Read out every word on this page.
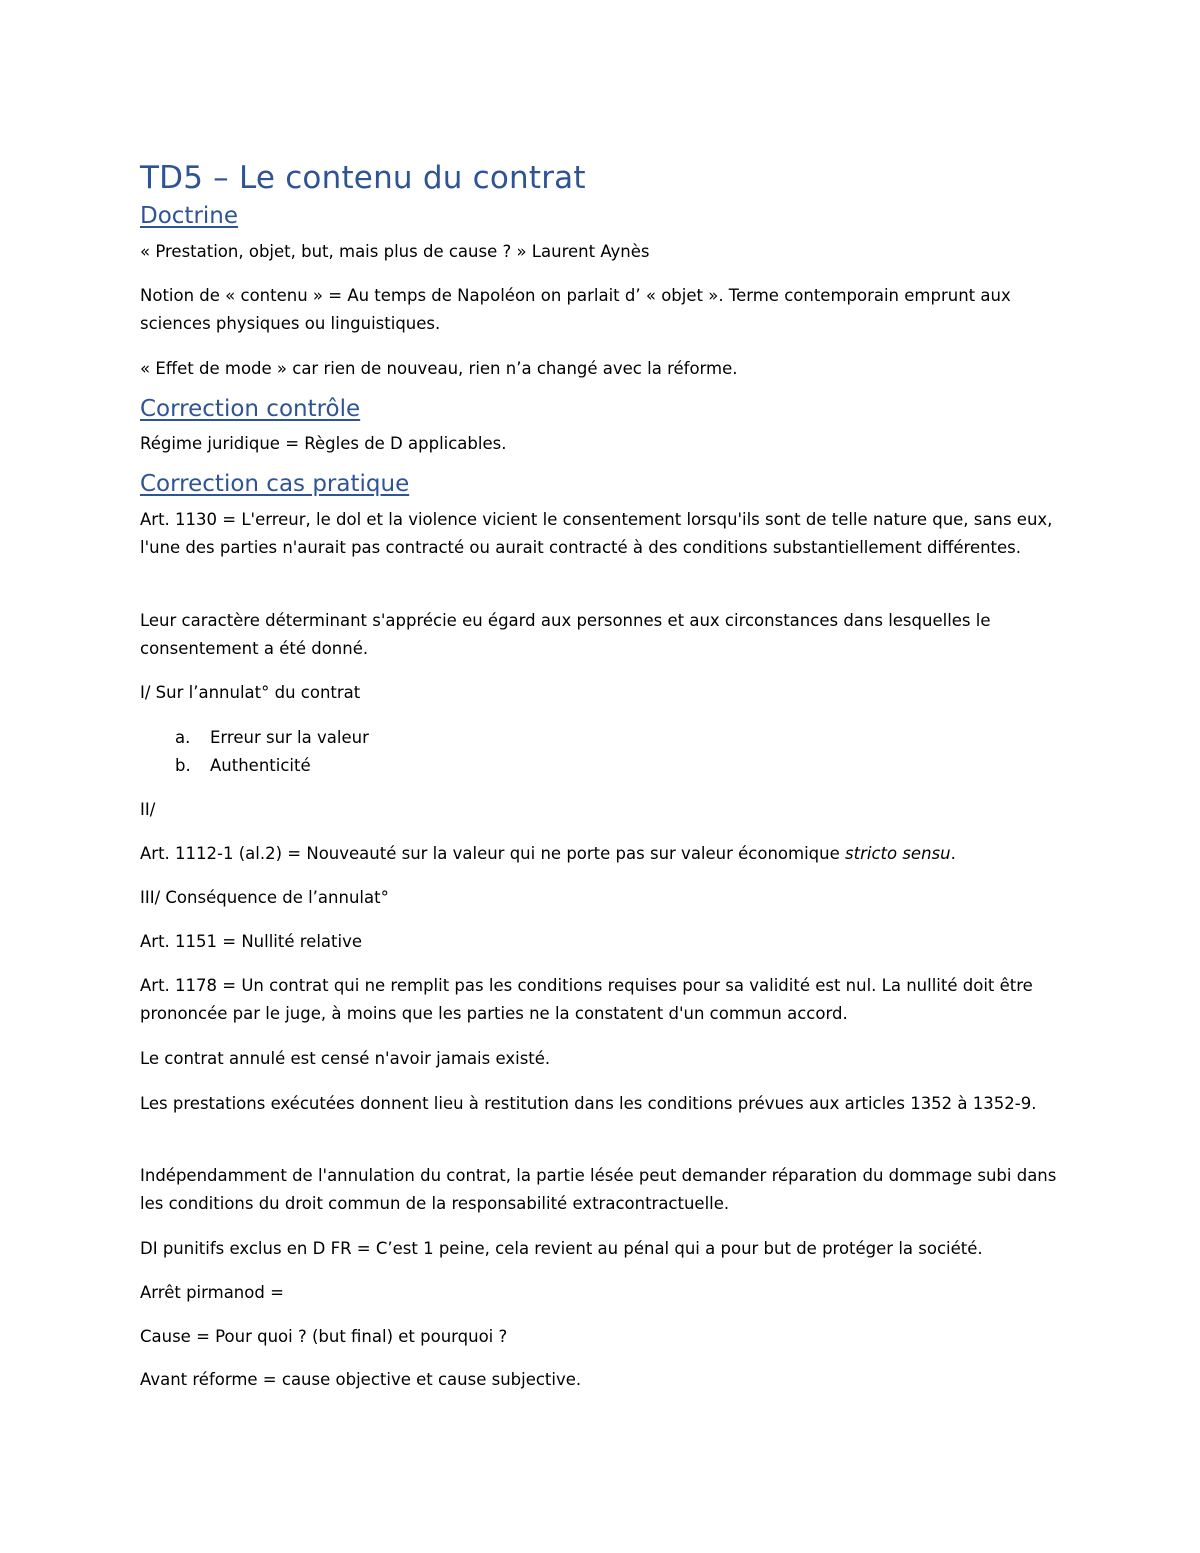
TD5 – Le contenu du contrat
Doctrine

« Prestation, objet, but, mais plus de cause ? » Laurent Aynès

Notion de « contenu » = Au temps de Napoléon on parlait d’ « objet ». Terme contemporain emprunt aux sciences physiques ou linguistiques.

« Effet de mode » car rien de nouveau, rien n’a changé avec la réforme.

Correction contrôle

Régime juridique = Règles de D applicables.

Correction cas pratique

Art. 1130 = L'erreur, le dol et la violence vicient le consentement lorsqu'ils sont de telle nature que, sans eux, l'une des parties n'aurait pas contracté ou aurait contracté à des conditions substantiellement différentes.

Leur caractère déterminant s'apprécie eu égard aux personnes et aux circonstances dans lesquelles le consentement a été donné.

I/ Sur l’annulat° du contrat

a. Erreur sur la valeur
b. Authenticité

II/

Art. 1112-1 (al.2) = Nouveauté sur la valeur qui ne porte pas sur valeur économique stricto sensu.

III/ Conséquence de l’annulat°

Art. 1151 = Nullité relative

Art. 1178 = Un contrat qui ne remplit pas les conditions requises pour sa validité est nul. La nullité doit être prononcée par le juge, à moins que les parties ne la constatent d'un commun accord.

Le contrat annulé est censé n'avoir jamais existé.

Les prestations exécutées donnent lieu à restitution dans les conditions prévues aux articles 1352 à 1352-9.

Indépendamment de l'annulation du contrat, la partie lésée peut demander réparation du dommage subi dans les conditions du droit commun de la responsabilité extracontractuelle.

DI punitifs exclus en D FR = C’est 1 peine, cela revient au pénal qui a pour but de protéger la société.

Arrêt pirmanod =

Cause = Pour quoi ? (but final) et pourquoi ?

Avant réforme = cause objective et cause subjective.
